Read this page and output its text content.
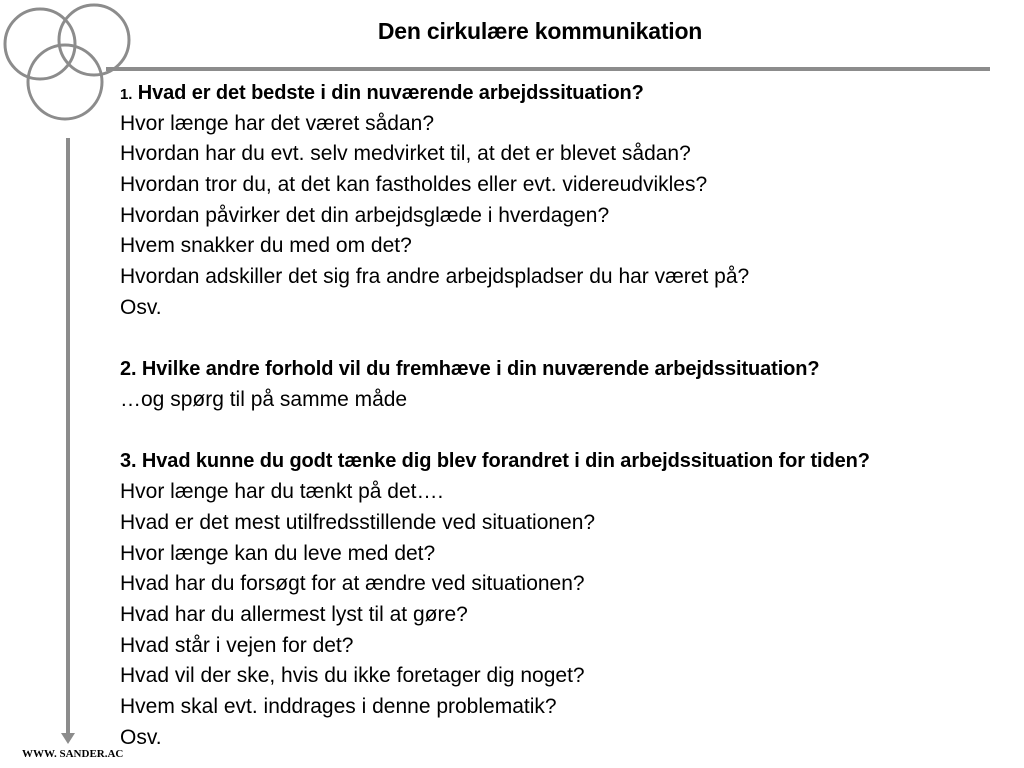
Den cirkulære kommunikation
1. Hvad er det bedste i din nuværende arbejdssituation?
Hvor længe har det været sådan?
Hvordan har du evt. selv medvirket til, at det er blevet sådan?
Hvordan tror du, at det kan fastholdes eller evt. videreudvikles?
Hvordan påvirker det din arbejdsglæde i hverdagen?
Hvem snakker du med om det?
Hvordan adskiller det sig fra andre arbejdspladser du har været på?
Osv.
2. Hvilke andre forhold vil du fremhæve i din nuværende arbejdssituation?
…og spørg til på samme måde
3. Hvad kunne du godt tænke dig blev forandret i din arbejdssituation for tiden?
Hvor længe har du tænkt på det….
Hvad er det mest utilfredsstillende ved situationen?
Hvor længe kan du leve med det?
Hvad har du forsøgt for at ændre ved situationen?
Hvad har du allermest lyst til at gøre?
Hvad står i vejen for det?
Hvad vil der ske, hvis du ikke foretager dig noget?
Hvem skal evt. inddrages i denne problematik?
Osv.
WWW. SANDER.AC
